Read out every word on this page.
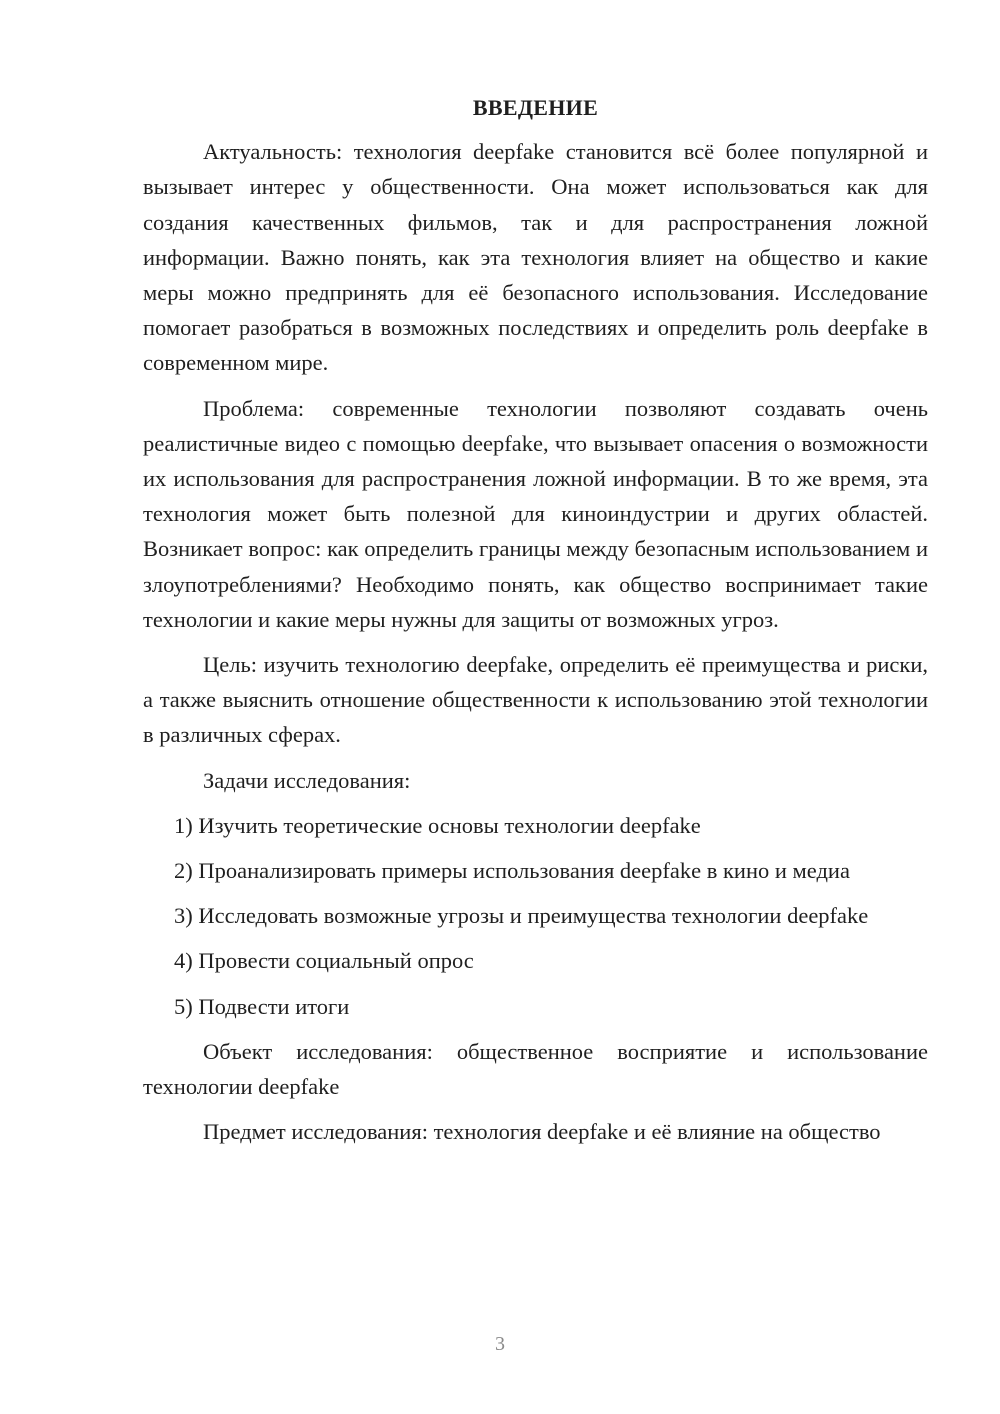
ВВЕДЕНИЕ

Актуальность: технология deepfake становится всё более популярной и вызывает интерес у общественности. Она может использоваться как для создания качественных фильмов, так и для распространения ложной информации. Важно понять, как эта технология влияет на общество и какие меры можно предпринять для её безопасного использования. Исследование помогает разобраться в возможных последствиях и определить роль deepfake в современном мире.

Проблема: современные технологии позволяют создавать очень реалистичные видео с помощью deepfake, что вызывает опасения о возможности их использования для распространения ложной информации. В то же время, эта технология может быть полезной для киноиндустрии и других областей. Возникает вопрос: как определить границы между безопасным использованием и злоупотреблениями? Необходимо понять, как общество воспринимает такие технологии и какие меры нужны для защиты от возможных угроз.

Цель: изучить технологию deepfake, определить её преимущества и риски, а также выяснить отношение общественности к использованию этой технологии в различных сферах.

Задачи исследования:

1) Изучить теоретические основы технологии deepfake

2) Проанализировать примеры использования deepfake в кино и медиа

3) Исследовать возможные угрозы и преимущества технологии deepfake

4) Провести социальный опрос

5) Подвести итоги

Объект исследования: общественное восприятие и использование технологии deepfake

Предмет исследования: технология deepfake и её влияние на общество

3
